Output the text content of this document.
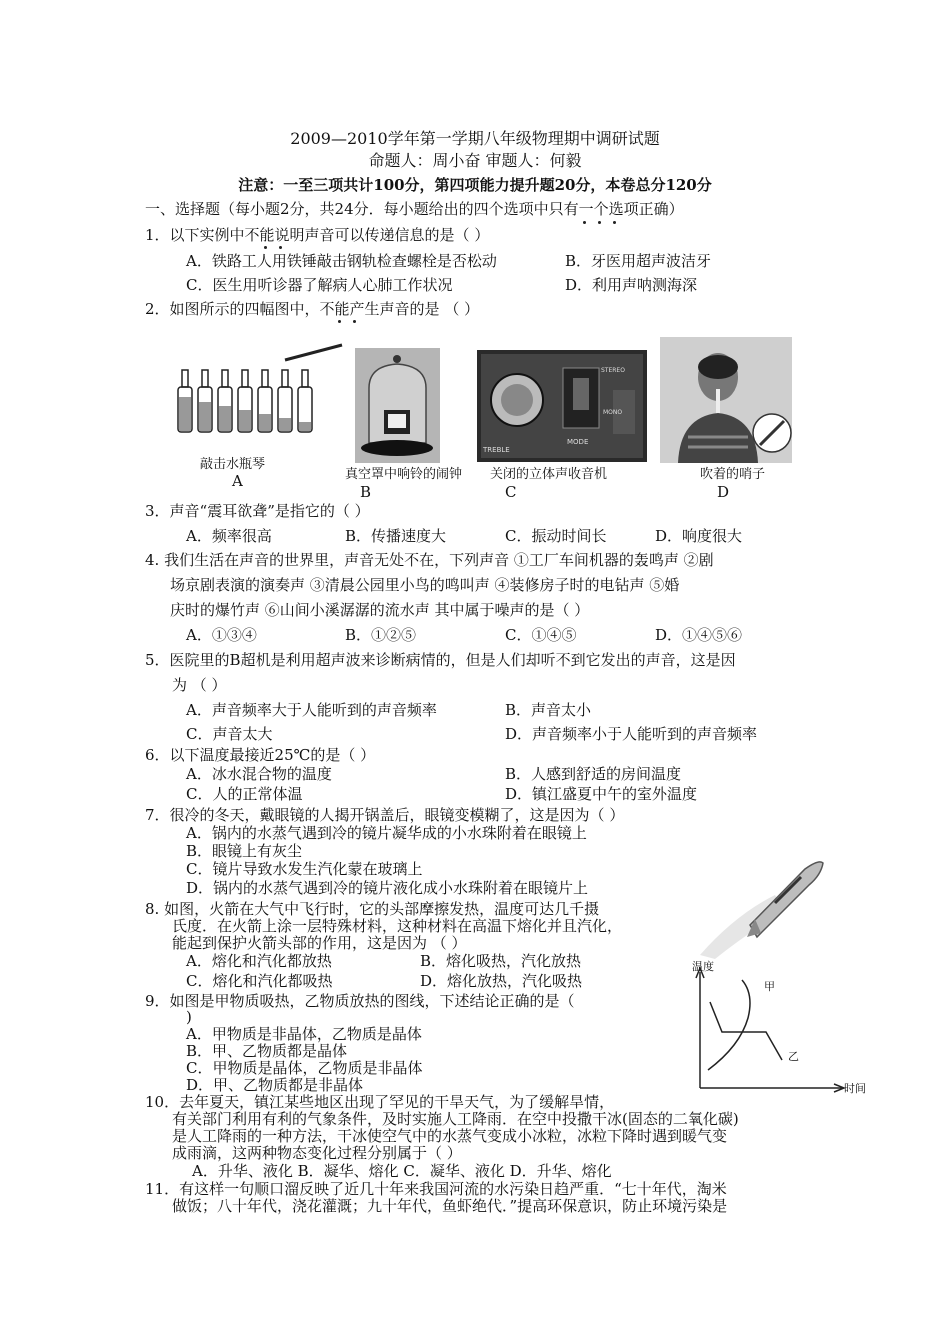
2009—2010学年第一学期八年级物理期中调研试题
命题人：周小奋 审题人：何毅
注意：一至三项共计100分，第四项能力提升题20分，本卷总分120分
一、选择题（每小题2分，共24分．每小题给出的四个选项中只有一个选项正确）
1．以下实例中不能说明声音可以传递信息的是（ ）
A．铁路工人用铁锤敲击钢轨检查螺栓是否松动	B．牙医用超声波洁牙
C．医生用听诊器了解病人心肺工作状况	D．利用声呐测海深
2．如图所示的四幅图中，不能产生声音的是 （ ）
敲击水瓶琴
A	真空罩中响铃的闹钟
B
TREBLE
MODE
STEREO
MONO
关闭的立体声收音机
C
吹着的哨子
D
3．声音“震耳欲聋”是指它的（ ）
A．频率很高	B．传播速度大	C．振动时间长	D．响度很大
4. 我们生活在声音的世界里，声音无处不在，下列声音 ①工厂车间机器的轰鸣声 ②剧
场京剧表演的演奏声 ③清晨公园里小鸟的鸣叫声 ④装修房子时的电钻声 ⑤婚
庆时的爆竹声 ⑥山间小溪潺潺的流水声 其中属于噪声的是（ ）
A．①③④	B．①②⑤	C．①④⑤	D．①④⑤⑥
5．医院里的B超机是利用超声波来诊断病情的，但是人们却听不到它发出的声音，这是因
为 （ ）
A．声音频率大于人能听到的声音频率	B．声音太小
C．声音太大	D．声音频率小于人能听到的声音频率
6．以下温度最接近25℃的是（ ）
A．冰水混合物的温度	B．人感到舒适的房间温度
C．人的正常体温	D．镇江盛夏中午的室外温度
7．很冷的冬天，戴眼镜的人揭开锅盖后，眼镜变模糊了，这是因为（ ）
A．锅内的水蒸气遇到冷的镜片凝华成的小水珠附着在眼镜上
B．眼镜上有灰尘
C．镜片导致水发生汽化蒙在玻璃上
D．锅内的水蒸气遇到冷的镜片液化成小水珠附着在眼镜片上
8. 如图，火箭在大气中飞行时，它的头部摩擦发热，温度可达几千摄
氏度．在火箭上涂一层特殊材料，这种材料在高温下熔化并且汽化，
能起到保护火箭头部的作用，这是因为 （ ）
A．熔化和汽化都放热	B．熔化吸热，汽化放热
C．熔化和汽化都吸热	D．熔化放热，汽化吸热
9．如图是甲物质吸热，乙物质放热的图线，下述结论正确的是（
)
A．甲物质是非晶体，乙物质是晶体
B．甲、乙物质都是晶体
C．甲物质是晶体，乙物质是非晶体
D．甲、乙物质都是非晶体
温度
时间
甲
乙
10．去年夏天，镇江某些地区出现了罕见的干旱天气，为了缓解旱情，
有关部门利用有利的气象条件，及时实施人工降雨．在空中投撒干冰(固态的二氧化碳)
是人工降雨的一种方法，干冰使空气中的水蒸气变成小冰粒，冰粒下降时遇到暖气变
成雨滴，这两种物态变化过程分别属于（ ）
A．升华、液化 B．凝华、熔化 C．凝华、液化 D．升华、熔化
11．有这样一句顺口溜反映了近几十年来我国河流的水污染日趋严重．“七十年代，淘米
做饭；八十年代，浇花灌溉；九十年代，鱼虾绝代．”提高环保意识，防止环境污染是
